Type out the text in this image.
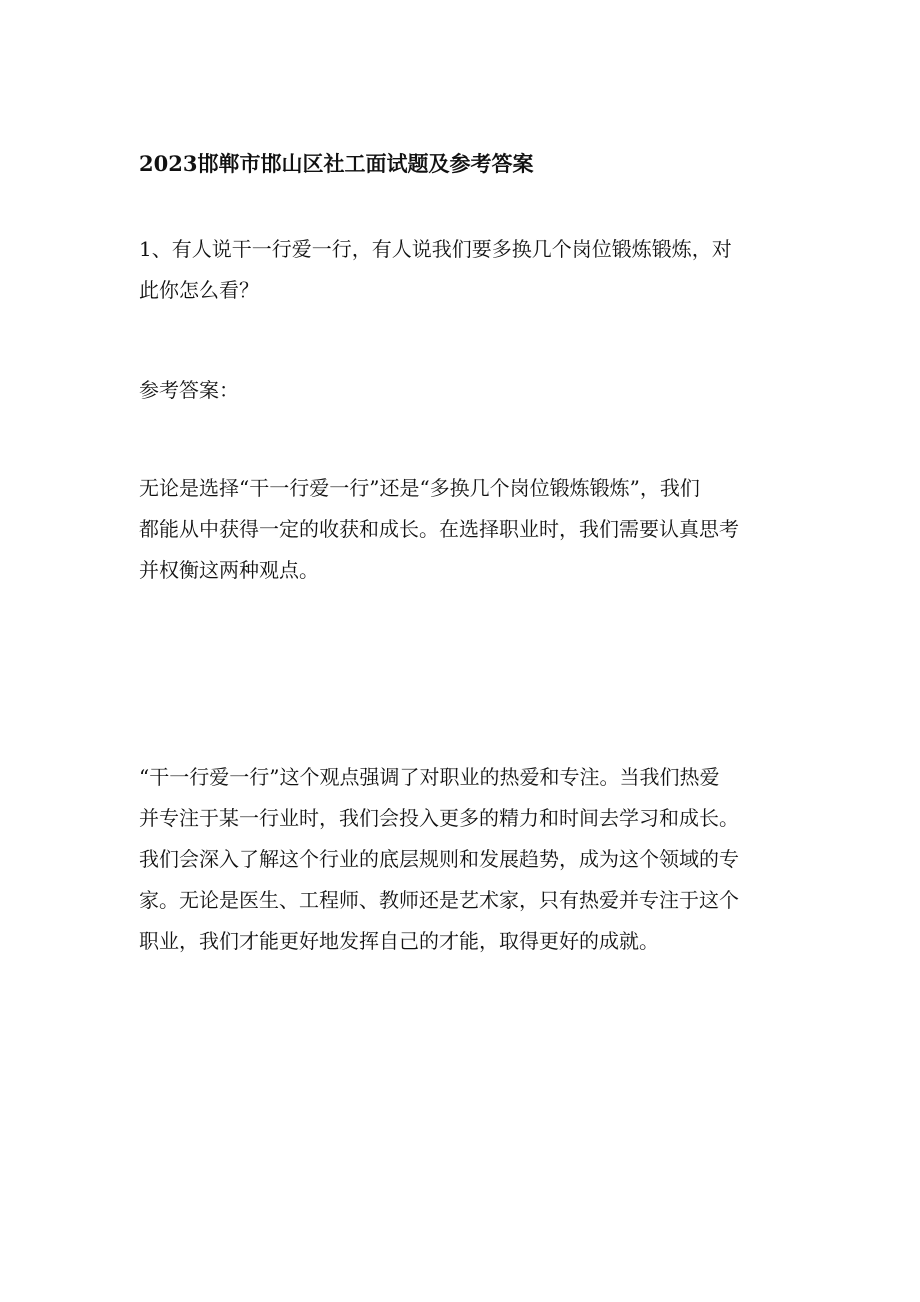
2023邯郸市邯山区社工面试题及参考答案

1、有人说干一行爱一行，有人说我们要多换几个岗位锻炼锻炼，对
此你怎么看？

参考答案：

无论是选择“干一行爱一行”还是“多换几个岗位锻炼锻炼”，我们
都能从中获得一定的收获和成长。在选择职业时，我们需要认真思考
并权衡这两种观点。

“干一行爱一行”这个观点强调了对职业的热爱和专注。当我们热爱
并专注于某一行业时，我们会投入更多的精力和时间去学习和成长。
我们会深入了解这个行业的底层规则和发展趋势，成为这个领域的专
家。无论是医生、工程师、教师还是艺术家，只有热爱并专注于这个
职业，我们才能更好地发挥自己的才能，取得更好的成就。
